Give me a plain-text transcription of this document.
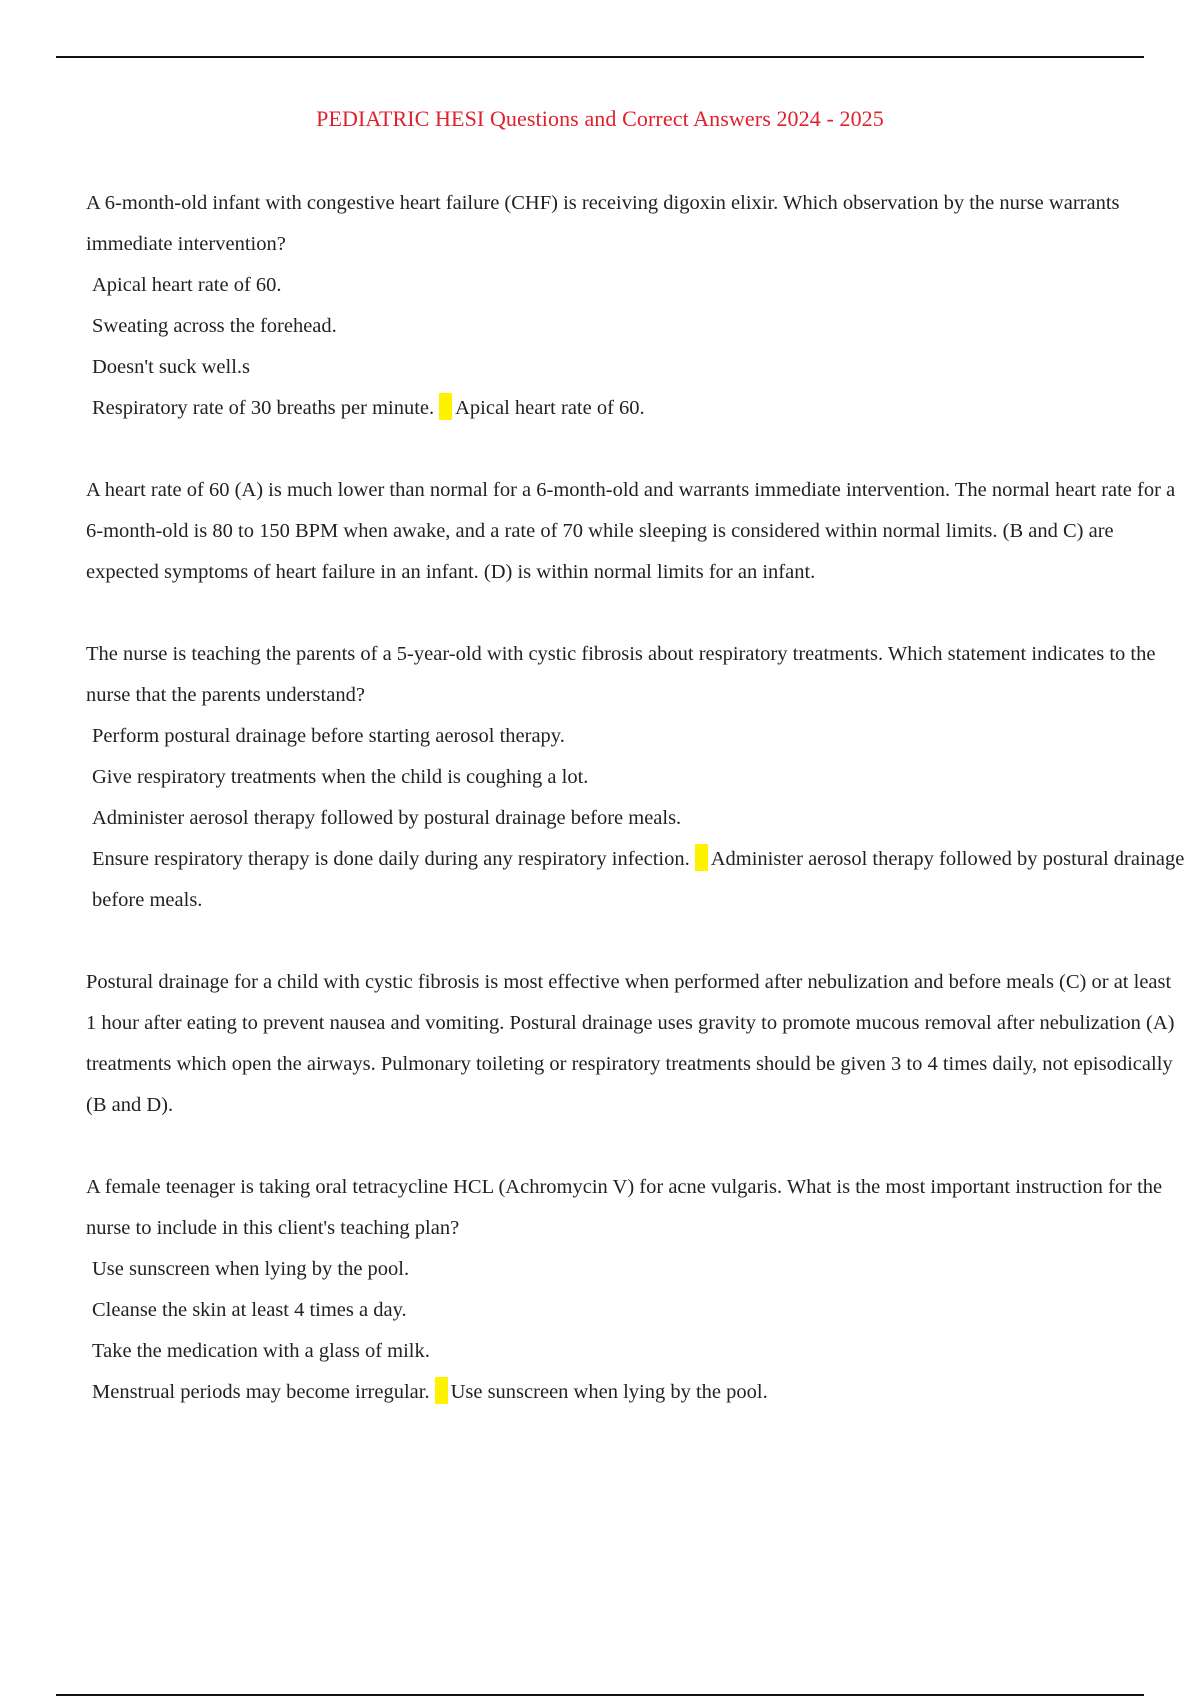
PEDIATRIC HESI Questions and Correct Answers 2024 - 2025

A 6-month-old infant with congestive heart failure (CHF) is receiving digoxin elixir. Which observation by the nurse warrants immediate intervention?

Apical heart rate of 60.
Sweating across the forehead.
Doesn't suck well.s
Respiratory rate of 30 breaths per minute. Apical heart rate of 60.

A heart rate of 60 (A) is much lower than normal for a 6-month-old and warrants immediate intervention. The normal heart rate for a 6-month-old is 80 to 150 BPM when awake, and a rate of 70 while sleeping is considered within normal limits. (B and C) are expected symptoms of heart failure in an infant. (D) is within normal limits for an infant.

The nurse is teaching the parents of a 5-year-old with cystic fibrosis about respiratory treatments. Which statement indicates to the nurse that the parents understand?

Perform postural drainage before starting aerosol therapy.
Give respiratory treatments when the child is coughing a lot.
Administer aerosol therapy followed by postural drainage before meals.
Ensure respiratory therapy is done daily during any respiratory infection. Administer aerosol therapy followed by postural drainage before meals.

Postural drainage for a child with cystic fibrosis is most effective when performed after nebulization and before meals (C) or at least 1 hour after eating to prevent nausea and vomiting. Postural drainage uses gravity to promote mucous removal after nebulization (A) treatments which open the airways. Pulmonary toileting or respiratory treatments should be given 3 to 4 times daily, not episodically (B and D).

A female teenager is taking oral tetracycline HCL (Achromycin V) for acne vulgaris. What is the most important instruction for the nurse to include in this client's teaching plan?

Use sunscreen when lying by the pool.
Cleanse the skin at least 4 times a day.
Take the medication with a glass of milk.
Menstrual periods may become irregular. Use sunscreen when lying by the pool.
